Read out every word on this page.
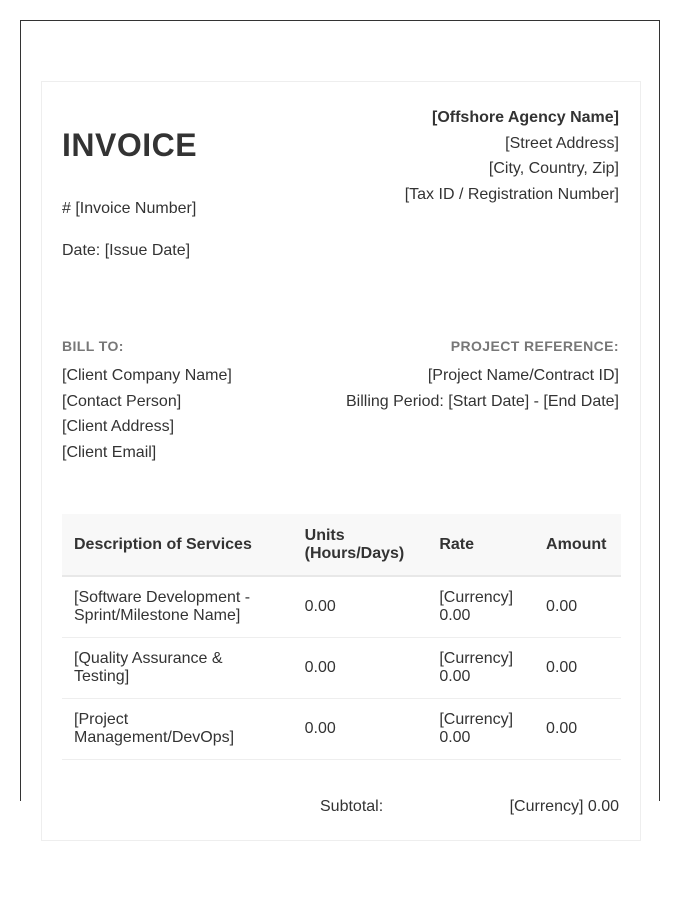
INVOICE
# [Invoice Number]
Date: [Issue Date]
[Offshore Agency Name]
[Street Address]
[City, Country, Zip]
[Tax ID / Registration Number]
BILL TO:
[Client Company Name]
[Contact Person]
[Client Address]
[Client Email]
PROJECT REFERENCE:
[Project Name/Contract ID]
Billing Period: [Start Date] - [End Date]
Description of Services	Units (Hours/Days)	Rate	Amount
[Software Development - Sprint/Milestone Name]	0.00	[Currency] 0.00	0.00
[Quality Assurance & Testing]	0.00	[Currency] 0.00	0.00
[Project Management/DevOps]	0.00	[Currency] 0.00	0.00
Subtotal:	[Currency] 0.00
